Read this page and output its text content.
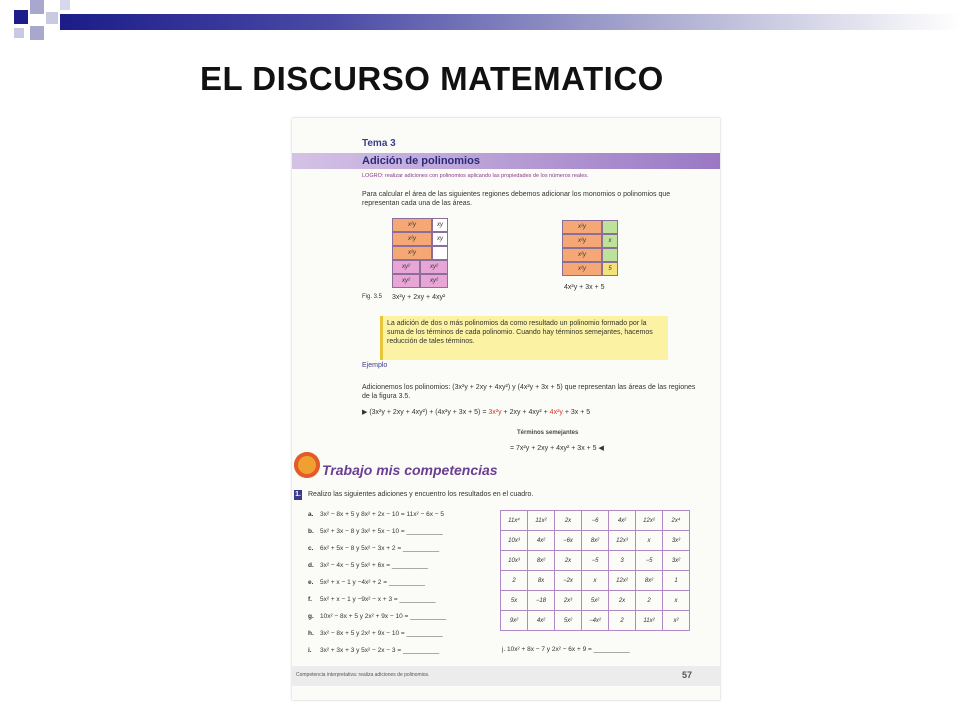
EL DISCURSO MATEMATICO
Tema 3
Adición de polinomios
LOGRO: realizar adiciones con polinomios aplicando las propiedades de los números reales.
Para calcular el área de las siguientes regiones debemos adicionar los monomios o polinomios que representan cada una de las áreas.
x²y	xy
x²y	xy
x²y
xy²	xy²
xy²	xy²
x²y
x²y	x
x²y
x²y	5
Fig. 3.5 3x²y + 2xy + 4xy²
4x²y + 3x + 5
La adición de dos o más polinomios da como resultado un polinomio formado por la suma de los términos de cada polinomio. Cuando hay términos semejantes, hacemos reducción de tales términos.
Ejemplo
Adicionemos los polinomios: (3x²y + 2xy + 4xy²) y (4x²y + 3x + 5) que representan las áreas de las regiones de la figura 3.5.
▶ (3x²y + 2xy + 4xy²) + (4x²y + 3x + 5) = 3x²y + 2xy + 4xy² + 4x²y + 3x + 5
Términos semejantes
= 7x²y + 2xy + 4xy² + 3x + 5 ◀
Trabajo mis competencias
1. Realizo las siguientes adiciones y encuentro los resultados en el cuadro.
a. 3x² − 8x + 5 y 8x² + 2x − 10 = 11x² − 6x − 5
b. 5x² + 3x − 8 y 3x² + 5x − 10 = __________
c. 6x² + 5x − 8 y 5x² − 3x + 2 = __________
d. 3x² − 4x − 5 y 5x² + 6x = __________
e. 5x² + x − 1 y −4x² + 2 = __________
f. 5x² + x − 1 y −9x² − x + 3 = __________
g. 10x² − 8x + 5 y 2x² + 9x − 10 = __________
h. 3x² − 8x + 5 y 2x² + 9x − 10 = __________
i. 3x² + 3x + 3 y 5x² − 2x − 3 = __________
11x⁴	11x²	2x	−6	4x²	12x²	2x⁴
10x³	4x²	−6x	8x²	12x³	x	3x³
10x³	8x²	2x	−5	3	−5	3x²
2	8x	−2x	x	12x²	8x²	1
5x	−18	2x³	5x²	2x	2	x
9x²	4x²	5x²	−4x²	2	11x²	x²
j. 10x² + 8x − 7 y 2x² − 6x + 9 = __________
Competencia interpretativa: realiza adiciones de polinomios.	57
